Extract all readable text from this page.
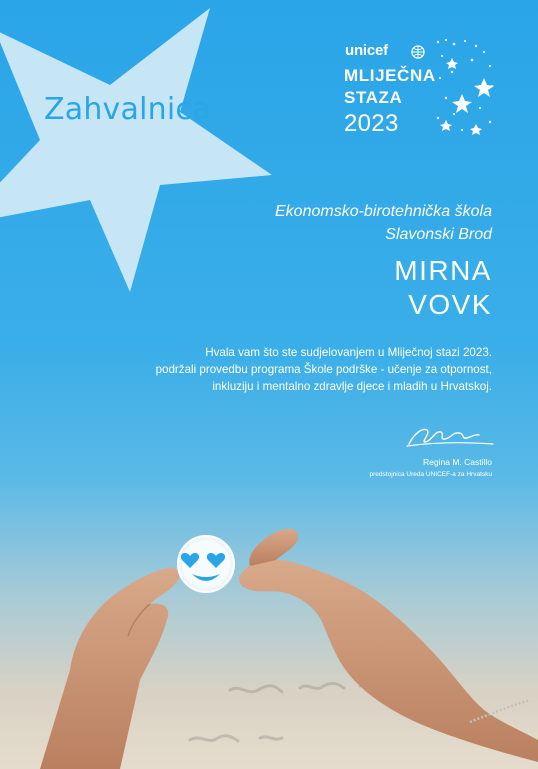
Zahvalnica
unicef
MLIJEČNA
STAZA
2023
Ekonomsko-birotehnička škola
Slavonski Brod
MIRNA
VOVK
Hvala vam što ste sudjelovanjem u Mliječnoj stazi 2023.
podržali provedbu programa Škole podrške - učenje za otpornost,
inkluziju i mentalno zdravlje djece i mladih u Hrvatskoj.
Regina M. Castillo
predstojnica Ureda UNICEF-a za Hrvatsku
